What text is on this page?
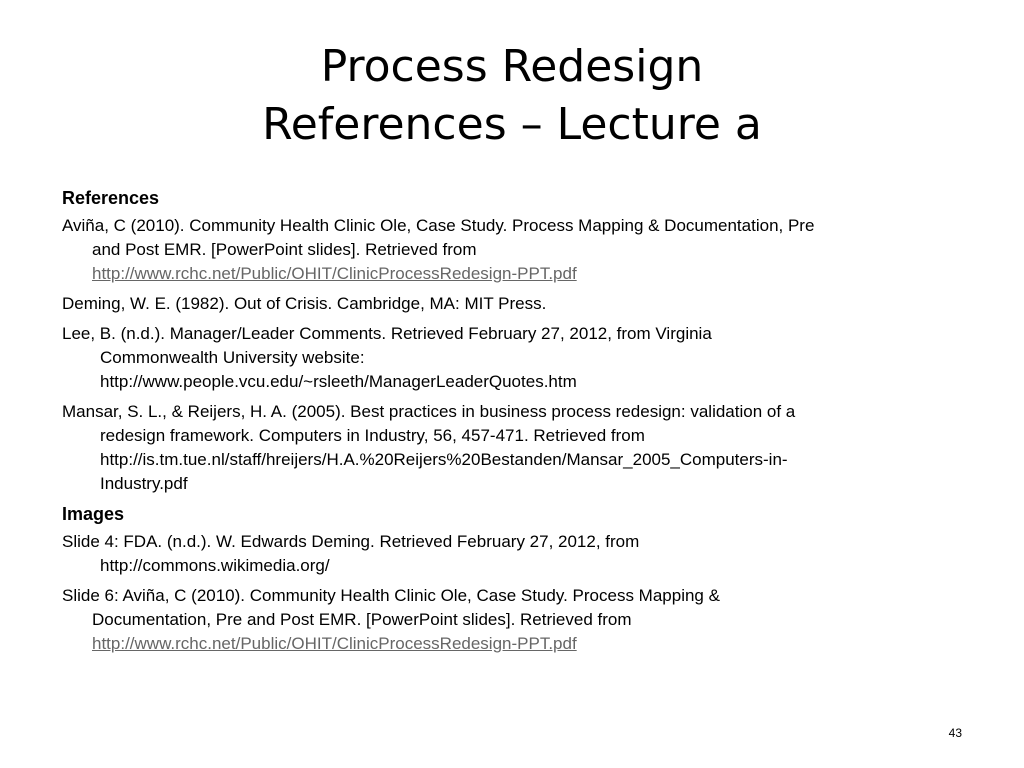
Process Redesign
References – Lecture a
References
Aviña, C (2010). Community Health Clinic Ole, Case Study. Process Mapping & Documentation, Pre
and Post EMR. [PowerPoint slides]. Retrieved from
http://www.rchc.net/Public/OHIT/ClinicProcessRedesign-PPT.pdf
Deming, W. E. (1982). Out of Crisis. Cambridge, MA: MIT Press.
Lee, B. (n.d.). Manager/Leader Comments. Retrieved February 27, 2012, from Virginia
Commonwealth University website:
http://www.people.vcu.edu/~rsleeth/ManagerLeaderQuotes.htm
Mansar, S. L., & Reijers, H. A. (2005). Best practices in business process redesign: validation of a
redesign framework. Computers in Industry, 56, 457-471. Retrieved from
http://is.tm.tue.nl/staff/hreijers/H.A.%20Reijers%20Bestanden/Mansar_2005_Computers-in-
Industry.pdf
Images
Slide 4: FDA. (n.d.). W. Edwards Deming. Retrieved February 27, 2012, from
http://commons.wikimedia.org/
Slide 6: Aviña, C (2010). Community Health Clinic Ole, Case Study. Process Mapping &
Documentation, Pre and Post EMR. [PowerPoint slides]. Retrieved from
http://www.rchc.net/Public/OHIT/ClinicProcessRedesign-PPT.pdf
43
